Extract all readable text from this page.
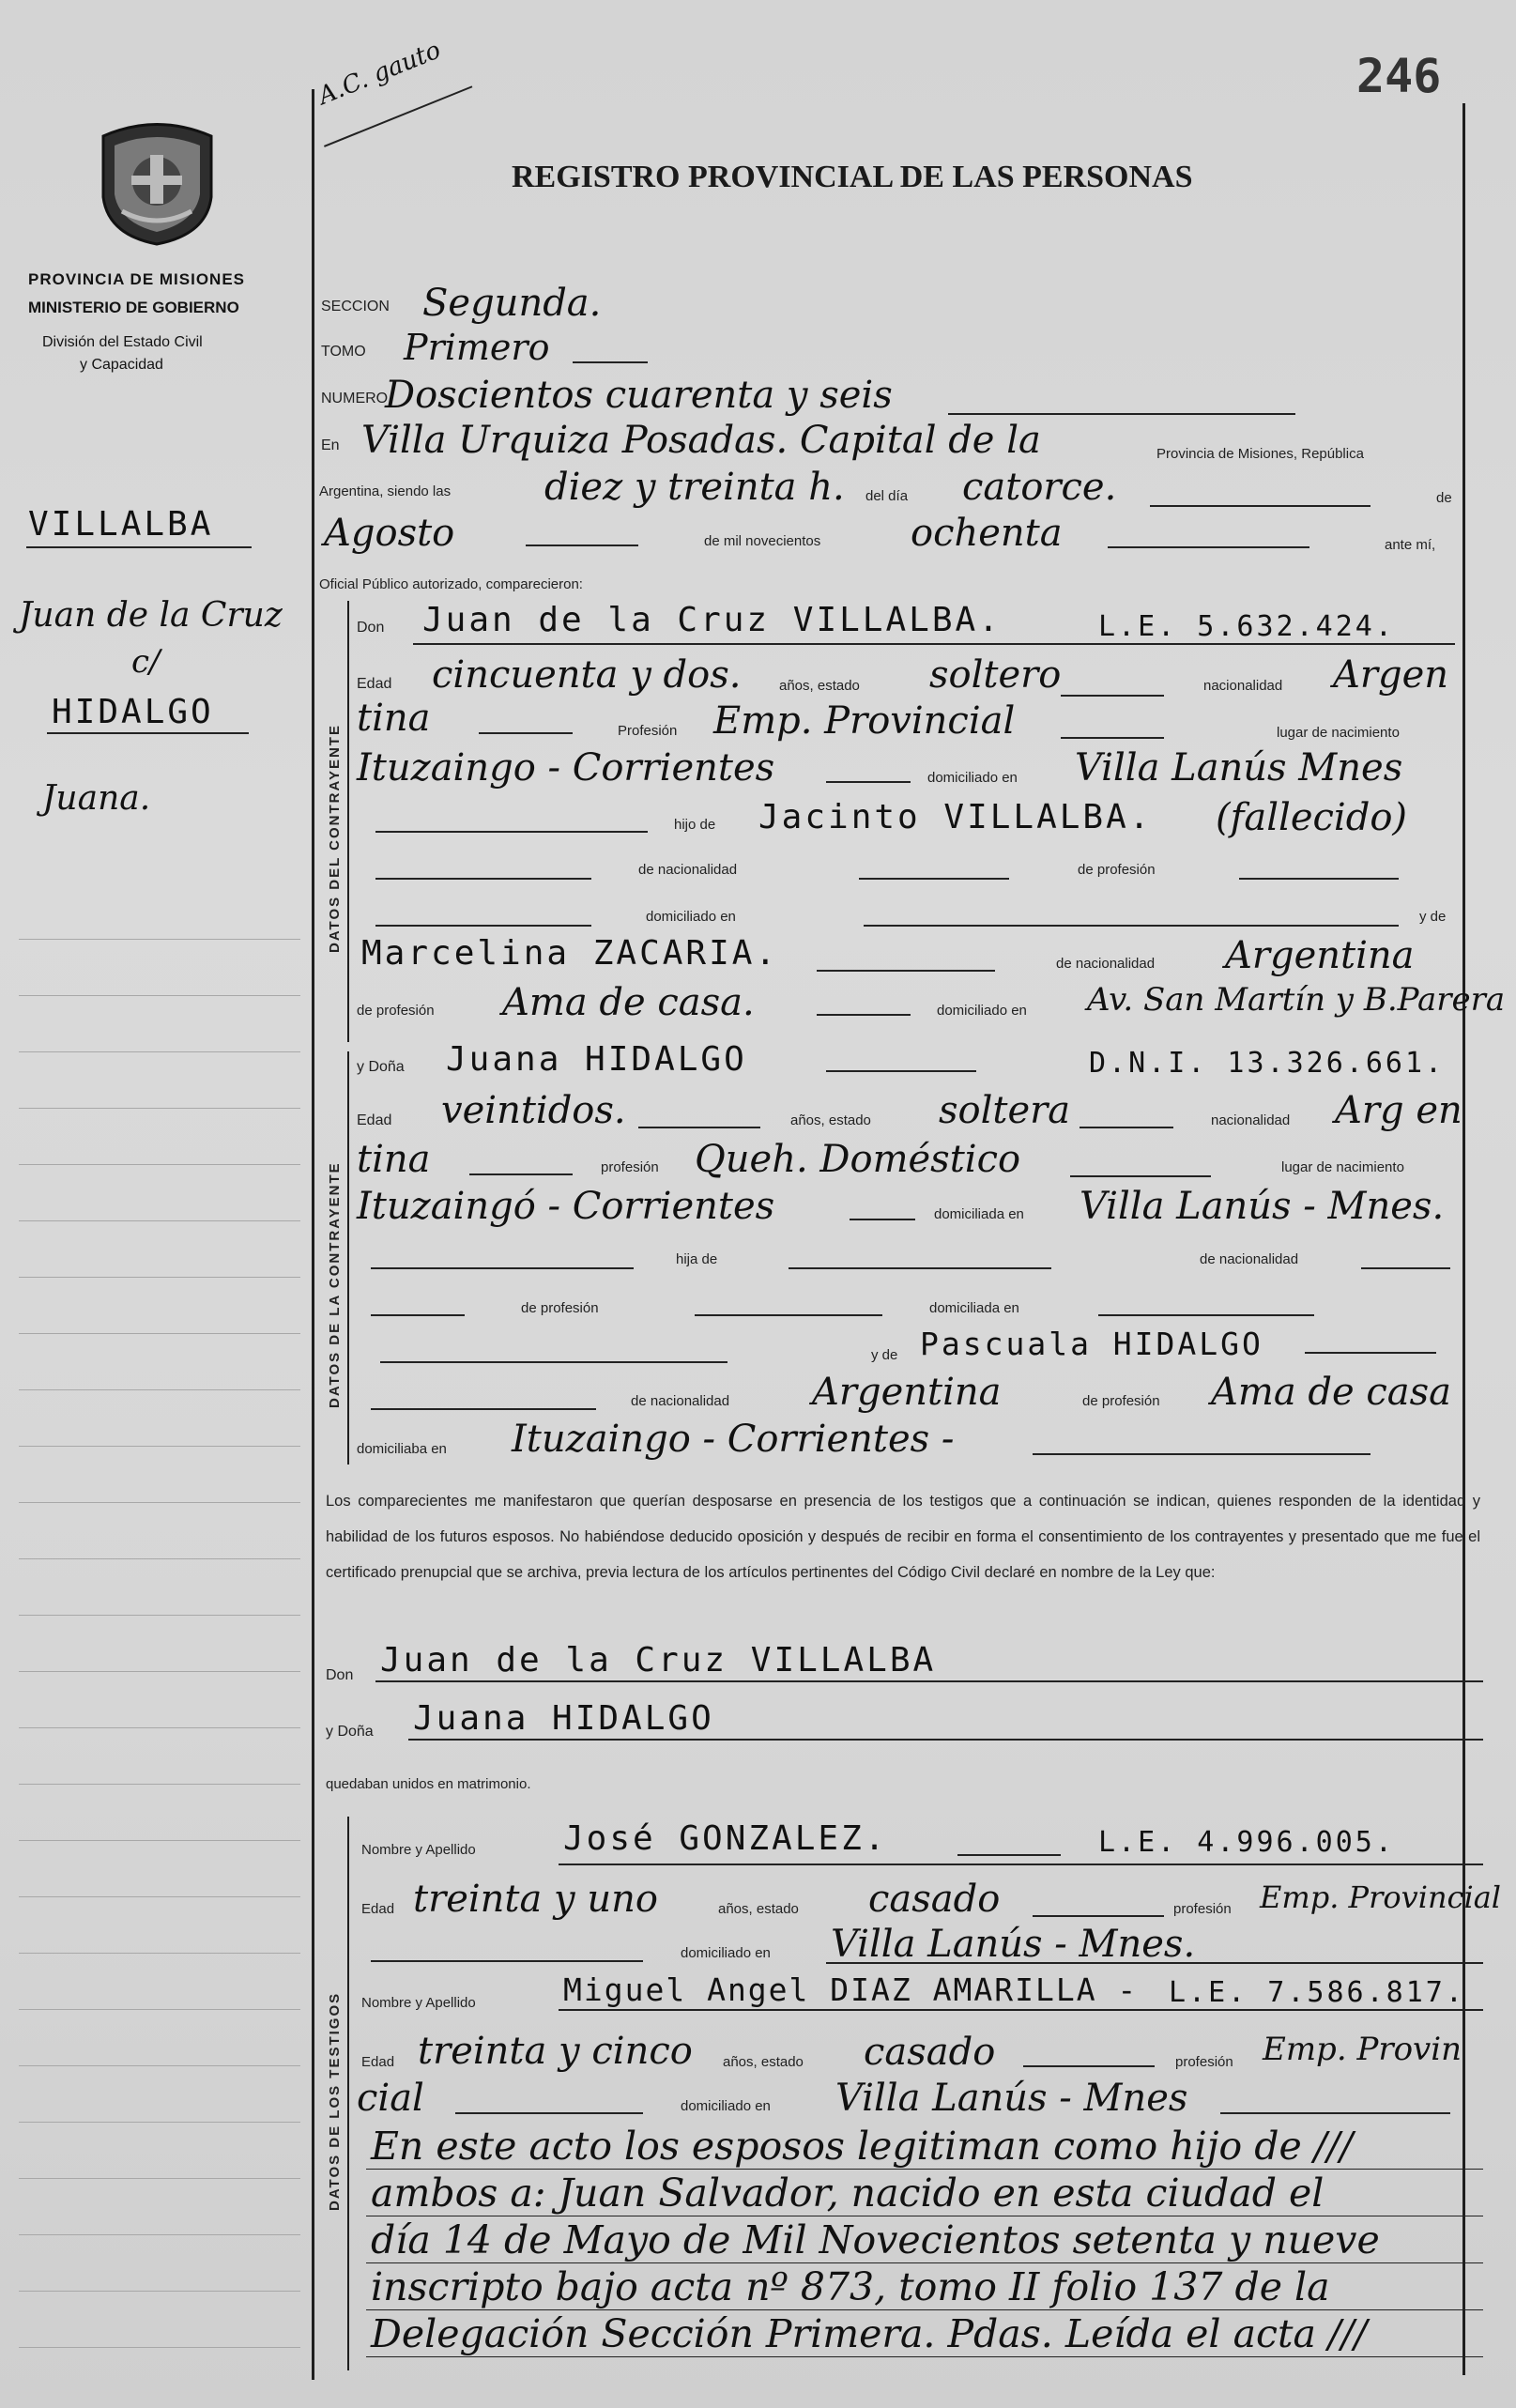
246
A.C. gauto
REGISTRO PROVINCIAL DE LAS PERSONAS
PROVINCIA DE MISIONES
MINISTERIO DE GOBIERNO
División del Estado Civil
y Capacidad
VILLALBA
Juan de la Cruz
c/
HIDALGO
Juana.	DATOS DEL CONTRAYENTE
DATOS DE LA CONTRAYENTE
DATOS DE LOS TESTIGOS
SECCION Segunda.
TOMO Primero
NUMERO
Doscientos cuarenta y seis
En Villa Urquiza Posadas. Capital de la	Provincia de Misiones, República
Argentina, siendo las diez y treinta h. del día catorce.	de
Agosto	de mil novecientos ochenta	ante mí,
Oficial Público autorizado, comparecieron:
Don Juan de la Cruz VILLALBA.	L.E. 5.632.424.
Edad cincuenta y dos.	años, estado soltero	nacionalidad Argen
tina	Profesión Emp. Provincial	lugar de nacimiento
Ituzaingo - Corrientes	domiciliado en Villa Lanús Mnes
hijo de Jacinto VILLALBA. (fallecido)
de nacionalidad	de profesión
domiciliado en	y de
Marcelina ZACARIA.	de nacionalidad Argentina
de profesión Ama de casa.	domiciliado en Av. San Martín y B.Parera
y Doña Juana HIDALGO	D.N.I. 13.326.661.
Edad veintidos.	años, estado soltera	nacionalidad Arg en
tina	profesión Queh. Doméstico	lugar de nacimiento
Ituzaingó - Corrientes	domiciliada en Villa Lanús - Mnes.
hija de	de nacionalidad
de profesión	domiciliada en
y de Pascuala HIDALGO
de nacionalidad Argentina	de profesión Ama de casa
domiciliaba en Ituzaingo - Corrientes -
Los comparecientes me manifestaron que querían desposarse en presencia de los testigos que a continuación se indican, quienes responden de la identidad y habilidad de los futuros esposos. No habiéndose deducido oposición y después de recibir en forma el consentimiento de los contrayentes y presentado que me fue el certificado prenupcial que se archiva, previa lectura de los artículos pertinentes del Código Civil declaré en nombre de la Ley que:
Don Juan de la Cruz VILLALBA
y Doña Juana HIDALGO
quedaban unidos en matrimonio.
Nombre y Apellido	José GONZALEZ.	L.E. 4.996.005.
Edad treinta y uno	años, estado casado	profesión Emp. Provincial
domiciliado en Villa Lanús - Mnes.
Nombre y Apellido	Miguel Angel DIAZ AMARILLA - L.E. 7.586.817.
Edad treinta y cinco años, estado casado	profesión Emp. Provin
cial	domiciliado en Villa Lanús - Mnes
En este acto los esposos legitiman como hijo de ///
ambos a: Juan Salvador, nacido en esta ciudad el
día 14 de Mayo de Mil Novecientos setenta y nueve
inscripto bajo acta nº 873, tomo II folio 137 de la
Delegación Sección Primera. Pdas. Leída el acta ///
